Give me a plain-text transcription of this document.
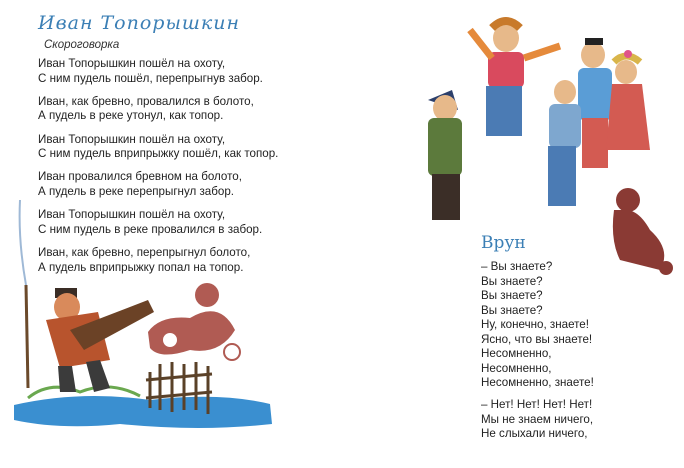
Иван Топорышкин
Скороговорка
Иван Топорышкин пошёл на охоту,
С ним пудель пошёл, перепрыгнув забор.
Иван, как бревно, провалился в болото,
А пудель в реке утонул, как топор.
Иван Топорышкин пошёл на охоту,
С ним пудель вприпрыжку пошёл, как топор.
Иван провалился бревном на болото,
А пудель в реке перепрыгнул забор.
Иван Топорышкин пошёл на охоту,
С ним пудель в реке провалился в забор.
Иван, как бревно, перепрыгнул болото,
А пудель вприпрыжку попал на топор.
Врун
– Вы знаете?
Вы знаете?
Вы знаете?
Вы знаете?
Ну, конечно, знаете!
Ясно, что вы знаете!
Несомненно,
Несомненно,
Несомненно, знаете!
– Нет! Нет! Нет! Нет!
Мы не знаем ничего,
Не слыхали ничего,
